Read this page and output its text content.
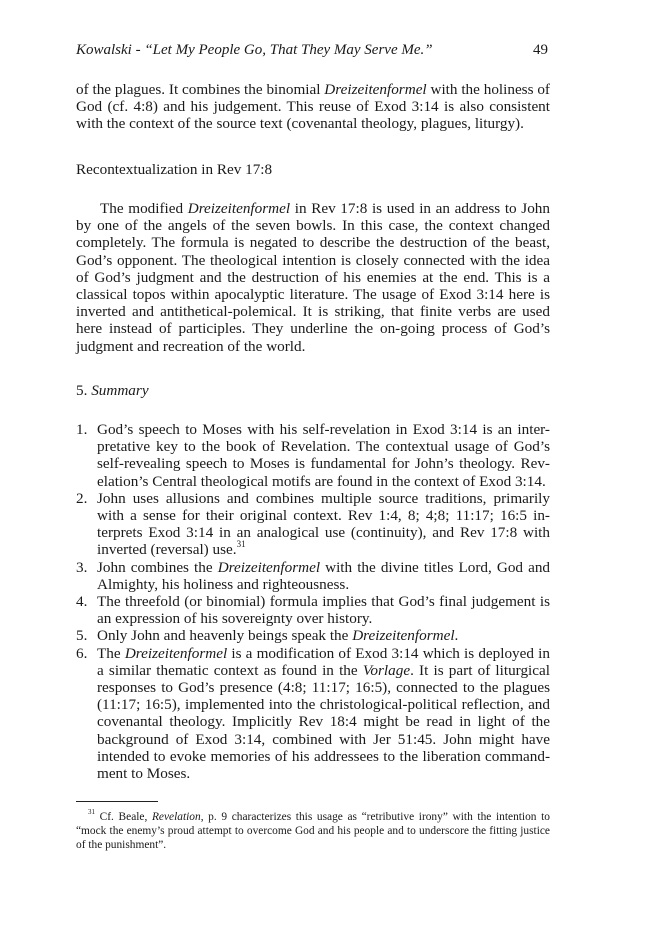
Kowalski - “Let My People Go, That They May Serve Me.”	49

of the plagues. It combines the binomial Dreizeitenformel with the holiness of God (cf. 4:8) and his judgement. This reuse of Exod 3:14 is also consistent with the context of the source text (covenantal theology, plagues, liturgy).

Recontextualization in Rev 17:8

The modified Dreizeitenformel in Rev 17:8 is used in an address to John by one of the angels of the seven bowls. In this case, the context changed completely. The formula is negated to describe the destruction of the beast, God’s opponent. The theological intention is closely connected with the idea of God’s judgment and the destruction of his enemies at the end. This is a classical topos within apocalyptic literature. The usage of Exod 3:14 here is inverted and antithetical-polemical. It is striking, that finite verbs are used here instead of participles. They underline the on-going process of God’s judgment and recreation of the world.

5. Summary
1. God’s speech to Moses with his self-revelation in Exod 3:14 is an inter-pretative key to the book of Revelation. The contextual usage of God’s self-revealing speech to Moses is fundamental for John’s theology. Rev-elation’s Central theological motifs are found in the context of Exod 3:14.
2. John uses allusions and combines multiple source traditions, primarily with a sense for their original context. Rev 1:4, 8; 4;8; 11:17; 16:5 in-terprets Exod 3:14 in an analogical use (continuity), and Rev 17:8 with inverted (reversal) use.$^{31}$
3. John combines the Dreizeitenformel with the divine titles Lord, God and Almighty, his holiness and righteousness.
4. The threefold (or binomial) formula implies that God’s final judgement is an expression of his sovereignty over history.
5. Only John and heavenly beings speak the Dreizeitenformel.
6. The Dreizeitenformel is a modification of Exod 3:14 which is deployed in a similar thematic context as found in the Vorlage. It is part of liturgical responses to God’s presence (4:8; 11:17; 16:5), connected to the plagues (11:17; 16:5), implemented into the christological-political reflection, and covenantal theology. Implicitly Rev 18:4 might be read in light of the background of Exod 3:14, combined with Jer 51:45. John might have intended to evoke memories of his addressees to the liberation command-ment to Moses.

$^{31}$ Cf. Beale, Revelation, p. 9 characterizes this usage as “retributive irony” with the intention to “mock the enemy’s proud attempt to overcome God and his people and to underscore the fitting justice of the punishment”.
